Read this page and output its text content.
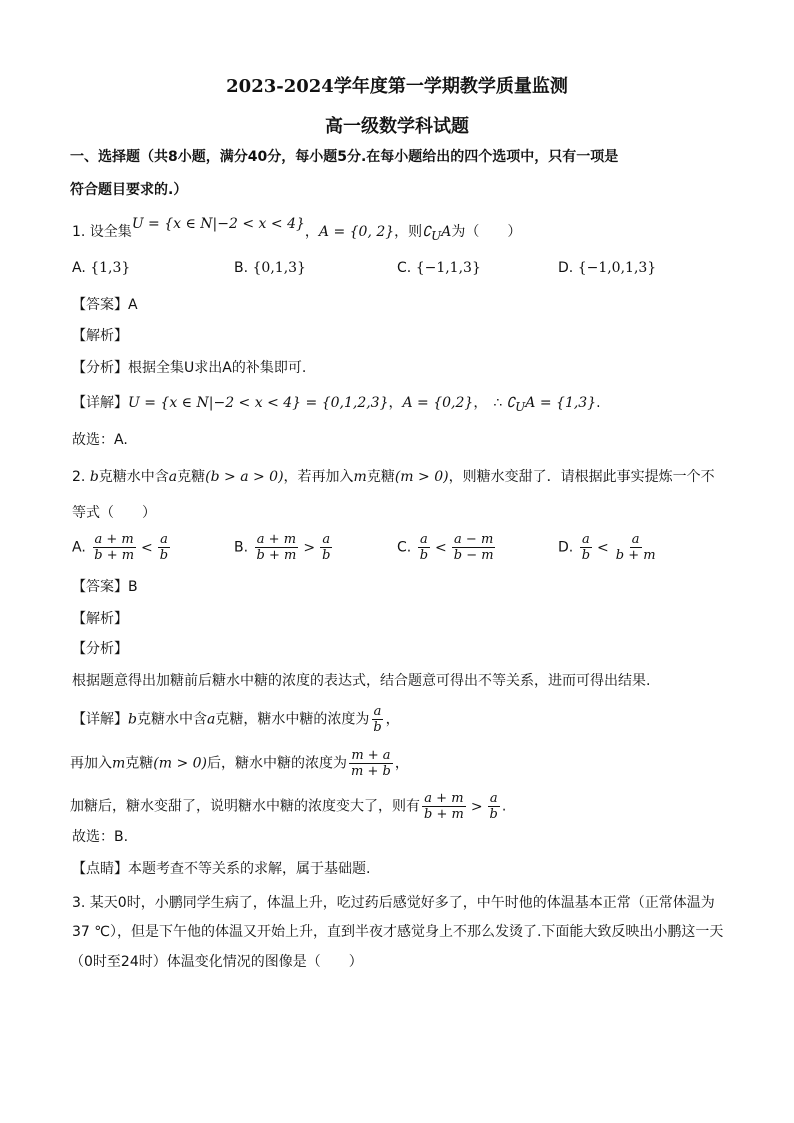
2023-2024学年度第一学期教学质量监测
高一级数学科试题
一、选择题（共8小题，满分40分，每小题5分.在每小题给出的四个选项中，只有一项是
符合题目要求的.）
1. 设全集U = {x ∈ N|−2 < x < 4}，A = {0, 2}，则$∁_UA$为（　　）
A. {1,3}	B. {0,1,3}	C. {−1,1,3}	D. {−1,0,1,3}
【答案】A
【解析】
【分析】根据全集U求出A的补集即可.
【详解】U = {x ∈ N|−2 < x < 4} = {0,1,2,3}，A = {0,2}， ∴ $∁_UA = \{1,3\}$.
故选：A.
2. b克糖水中含a克糖(b > a > 0)，若再加入m克糖(m > 0)，则糖水变甜了．请根据此事实提炼一个不
等式（　　）
A. $\frac{a + m}{b + m} < \frac{a}{b}$	B. $\frac{a + m}{b + m} > \frac{a}{b}$	C. $\frac{a}{b} < \frac{a - m}{b - m}$	D. $\frac{a}{b} < \frac{a}{b + m}$
【答案】B
【解析】
【分析】
根据题意得出加糖前后糖水中糖的浓度的表达式，结合题意可得出不等关系，进而可得出结果.
【详解】b克糖水中含a克糖，糖水中糖的浓度为 $\frac{a}{b}$ ，
再加入m克糖(m > 0)后，糖水中糖的浓度为 $\frac{m + a}{m + b}$ ，
加糖后，糖水变甜了，说明糖水中糖的浓度变大了，则有 $\frac{a + m}{b + m} > \frac{a}{b}$ .
故选：B.
【点睛】本题考查不等关系的求解，属于基础题.
3. 某天0时，小鹏同学生病了，体温上升，吃过药后感觉好多了，中午时他的体温基本正常（正常体温为
37 ℃），但是下午他的体温又开始上升，直到半夜才感觉身上不那么发烫了.下面能大致反映出小鹏这一天
（0时至24时）体温变化情况的图像是（　　）
